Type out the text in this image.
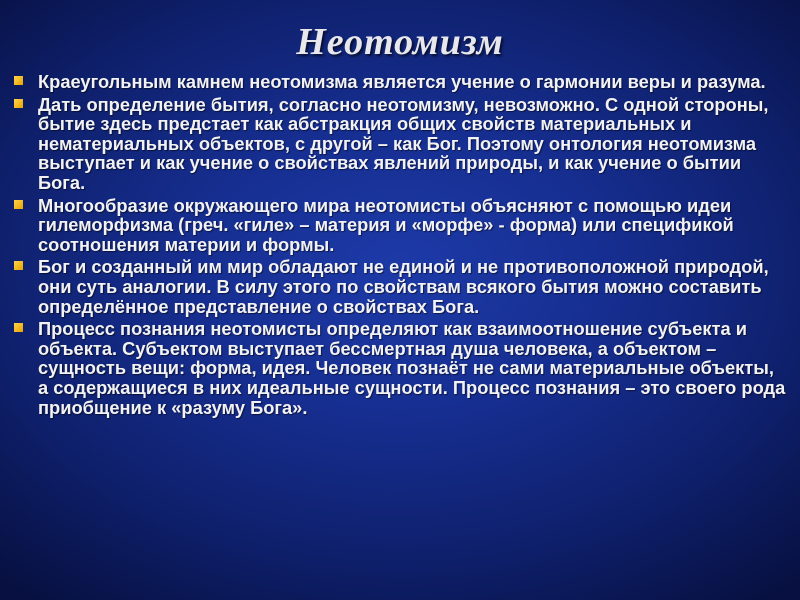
Неотомизм
Краеугольным камнем неотомизма является учение о гармонии веры и разума.
Дать определение бытия, согласно неотомизму, невозможно. С одной стороны, бытие здесь предстает как абстракция общих свойств материальных и нематериальных объектов, с другой – как Бог. Поэтому онтология неотомизма выступает и как учение о свойствах явлений природы, и как учение о бытии Бога.
Многообразие окружающего мира неотомисты объясняют с помощью идеи гилеморфизма (греч. «гиле» – материя и «морфе» - форма) или спецификой соотношения материи и формы.
Бог и созданный им мир обладают не единой и не противоположной природой, они суть аналогии. В силу этого по свойствам всякого бытия можно составить определённое представление о свойствах Бога.
Процесс познания неотомисты определяют как взаимоотношение субъекта и объекта. Субъектом выступает бессмертная душа человека, а объектом – сущность вещи: форма, идея. Человек познаёт не сами материальные объекты, а содержащиеся в них идеальные сущности. Процесс познания – это своего рода приобщение к «разуму Бога».
